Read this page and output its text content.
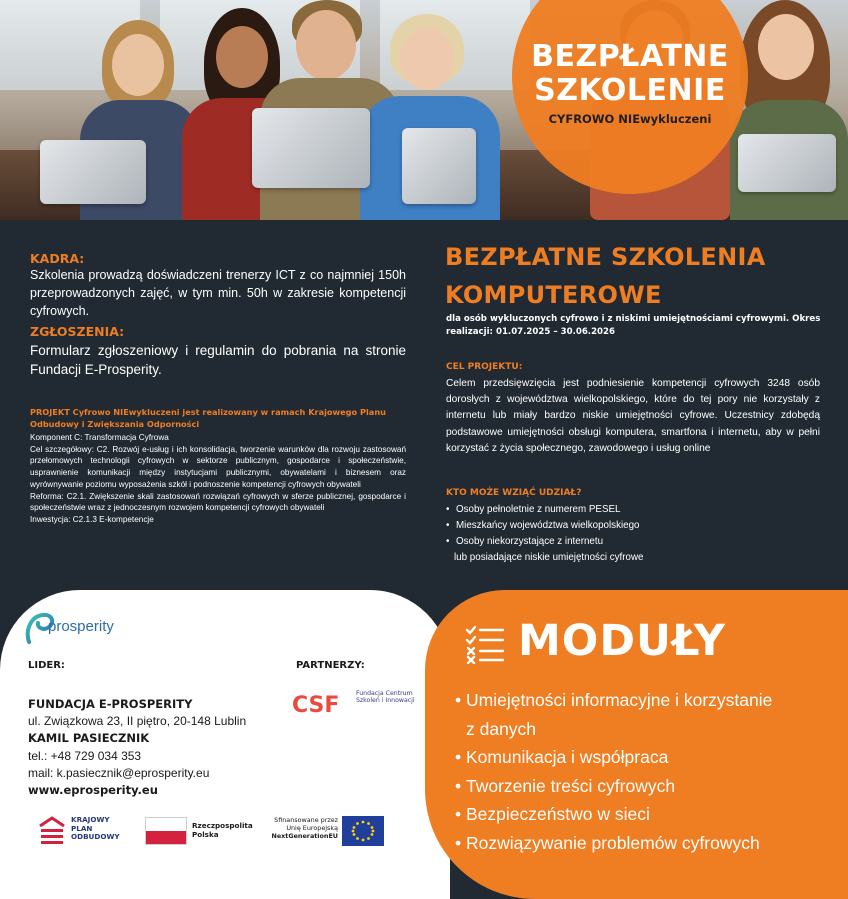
BEZPŁATNE
SZKOLENIE
CYFROWO NIEwykluczeni
KADRA:
Szkolenia prowadzą doświadczeni trenerzy ICT z co najmniej 150h przeprowadzonych zajęć, w tym min. 50h w zakresie kompetencji cyfrowych.
ZGŁOSZENIA:
Formularz zgłoszeniowy i regulamin do pobrania na stronie Fundacji E-Prosperity.
PROJEKT Cyfrowo NIEwykluczeni jest realizowany w ramach Krajowego Planu Odbudowy i Zwiększania Odporności

Komponent C: Transformacja Cyfrowa

Cel szczegółowy: C2. Rozwój e-usług i ich konsolidacja, tworzenie warunków dla rozwoju zastosowań przełomowych technologii cyfrowych w sektorze publicznym, gospodarce i społeczeństwie, usprawnienie komunikacji między instytucjami publicznymi, obywatelami i biznesem oraz wyrównywanie poziomu wyposażenia szkół i podnoszenie kompetencji cyfrowych obywateli

Reforma: C2.1. Zwiększenie skali zastosowań rozwiązań cyfrowych w sferze publicznej, gospodarce i społeczeństwie wraz z jednoczesnym rozwojem kompetencji cyfrowych obywateli

Inwestycja: C2.1.3 E-kompetencje

BEZPŁATNE SZKOLENIA
KOMPUTEROWE
dla osób wykluczonych cyfrowo i z niskimi umiejętnościami cyfrowymi. Okres realizacji: 01.07.2025 – 30.06.2026
CEL PROJEKTU:
Celem przedsięwzięcia jest podniesienie kompetencji cyfrowych 3248 osób dorosłych z województwa wielkopolskiego, które do tej pory nie korzystały z internetu lub miały bardzo niskie umiejętności cyfrowe. Uczestnicy zdobędą podstawowe umiejętności obsługi komputera, smartfona i internetu, aby w pełni korzystać z życia społecznego, zawodowego i usług online
KTO MOŻE WZIĄĆ UDZIAŁ?
• Osoby pełnoletnie z numerem PESEL
• Mieszkańcy województwa wielkopolskiego
• Osoby niekorzystające z internetu
lub posiadające niskie umiejętności cyfrowe
prosperity
LIDER:	PARTNERZY:
CSF	Fundacja Centrum Szkoleń i Innowacji
FUNDACJA E-PROSPERITY
ul. Związkowa 23, II piętro, 20-148 Lublin
KAMIL PASIECZNIK
tel.: +48 729 034 353
mail: k.pasiecznik@eprosperity.eu
www.eprosperity.eu
KRAJOWY
PLAN
ODBUDOWY
Rzeczpospolita
Polska
Sfinansowane przez
Unię Europejską
NextGenerationEU
MODUŁY
• Umiejętności informacyjne i korzystanie
z danych
• Komunikacja i współpraca
• Tworzenie treści cyfrowych
• Bezpieczeństwo w sieci
• Rozwiązywanie problemów cyfrowych
